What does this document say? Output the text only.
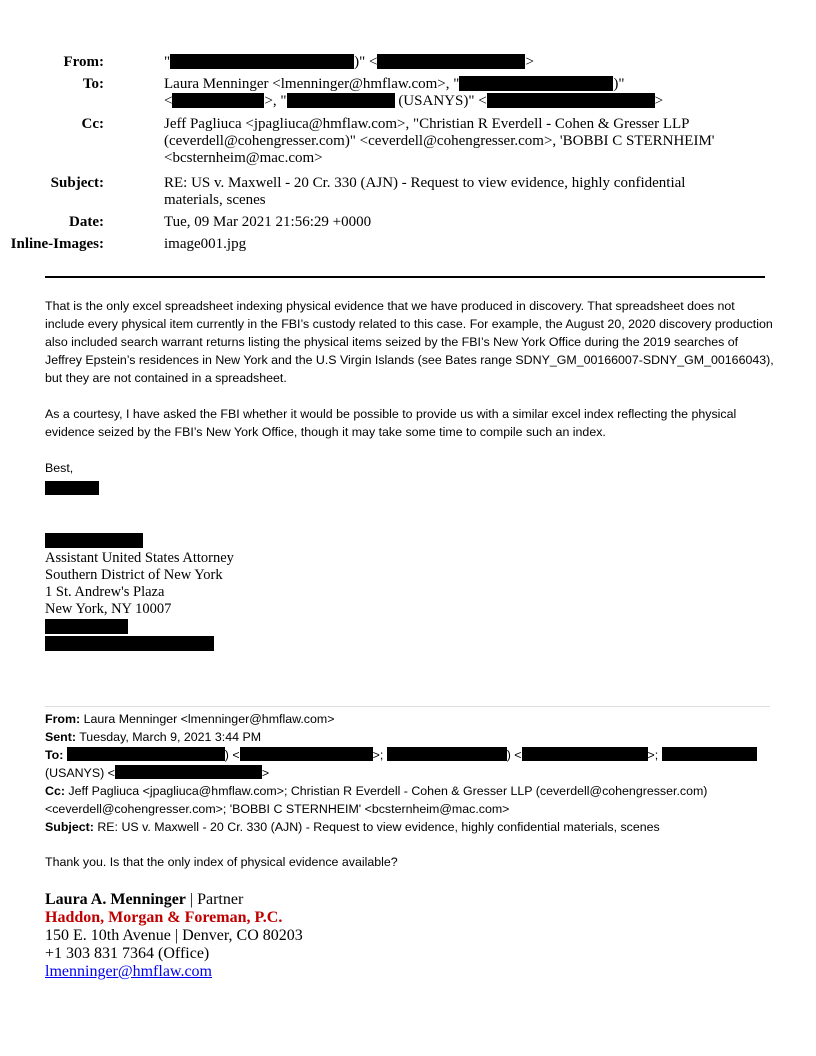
From:	"	)" <	>
To:	Laura Menninger <lmenninger@hmflaw.com>, "	)"
<	>, "	(USANYS)" <	>
Cc:	Jeff Pagliuca <jpagliuca@hmflaw.com>, "Christian R Everdell - Cohen & Gresser LLP (ceverdell@cohengresser.com)" <ceverdell@cohengresser.com>, 'BOBBI C STERNHEIM' <bcsternheim@mac.com>
Subject:	RE: US v. Maxwell - 20 Cr. 330 (AJN) - Request to view evidence, highly confidential materials, scenes
Date:	Tue, 09 Mar 2021 21:56:29 +0000
Inline-Images:	image001.jpg
That is the only excel spreadsheet indexing physical evidence that we have produced in discovery. That spreadsheet does not include every physical item currently in the FBI’s custody related to this case. For example, the August 20, 2020 discovery production also included search warrant returns listing the physical items seized by the FBI’s New York Office during the 2019 searches of Jeffrey Epstein’s residences in New York and the U.S Virgin Islands (see Bates range SDNY_GM_00166007-SDNY_GM_00166043), but they are not contained in a spreadsheet.
As a courtesy, I have asked the FBI whether it would be possible to provide us with a similar excel index reflecting the physical evidence seized by the FBI’s New York Office, though it may take some time to compile such an index.
Best,
Assistant United States Attorney
Southern District of New York
1 St. Andrew's Plaza
New York, NY 10007
From: Laura Menninger <lmenninger@hmflaw.com>
Sent: Tuesday, March 9, 2021 3:44 PM
To:	) <	>;	) <	>;
(USANYS) <	>
Cc: Jeff Pagliuca <jpagliuca@hmflaw.com>; Christian R Everdell - Cohen & Gresser LLP (ceverdell@cohengresser.com) <ceverdell@cohengresser.com>; 'BOBBI C STERNHEIM' <bcsternheim@mac.com>
Subject: RE: US v. Maxwell - 20 Cr. 330 (AJN) - Request to view evidence, highly confidential materials, scenes
Thank you. Is that the only index of physical evidence available?
Laura A. Menninger | Partner
Haddon, Morgan & Foreman, P.C.
150 E. 10th Avenue | Denver, CO 80203
+1 303 831 7364 (Office)
lmenninger@hmflaw.com
